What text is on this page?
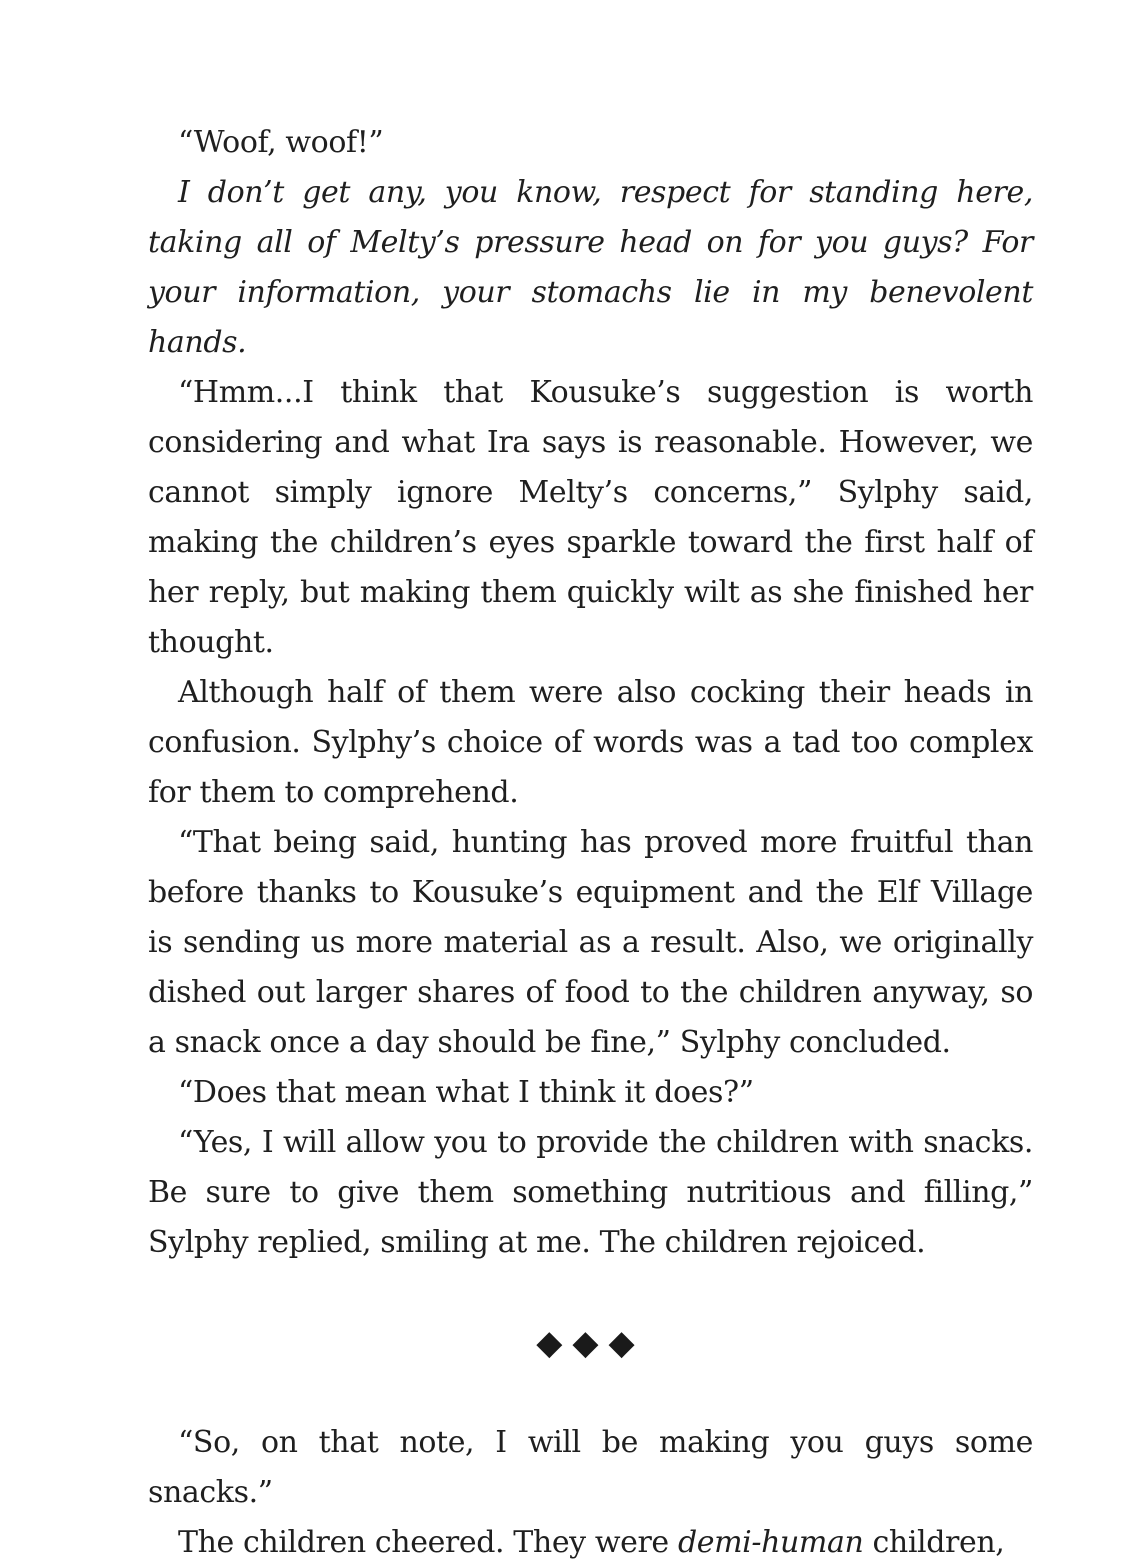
“Woof, woof!”

I don’t get any, you know, respect for standing here, taking all of Melty’s pressure head on for you guys? For your information, your stomachs lie in my benevolent hands.

“Hmm...I think that Kousuke’s suggestion is worth considering and what Ira says is reasonable. However, we cannot simply ignore Melty’s concerns,” Sylphy said, making the children’s eyes sparkle toward the first half of her reply, but making them quickly wilt as she finished her thought.

Although half of them were also cocking their heads in confusion. Sylphy’s choice of words was a tad too complex for them to comprehend.

“That being said, hunting has proved more fruitful than before thanks to Kousuke’s equipment and the Elf Village is sending us more material as a result. Also, we originally dished out larger shares of food to the children anyway, so a snack once a day should be fine,” Sylphy concluded.

“Does that mean what I think it does?”

“Yes, I will allow you to provide the children with snacks. Be sure to give them something nutritious and filling,” Sylphy replied, smiling at me. The children rejoiced.

◆◆◆

“So, on that note, I will be making you guys some snacks.”

The children cheered. They were demi-human children,
